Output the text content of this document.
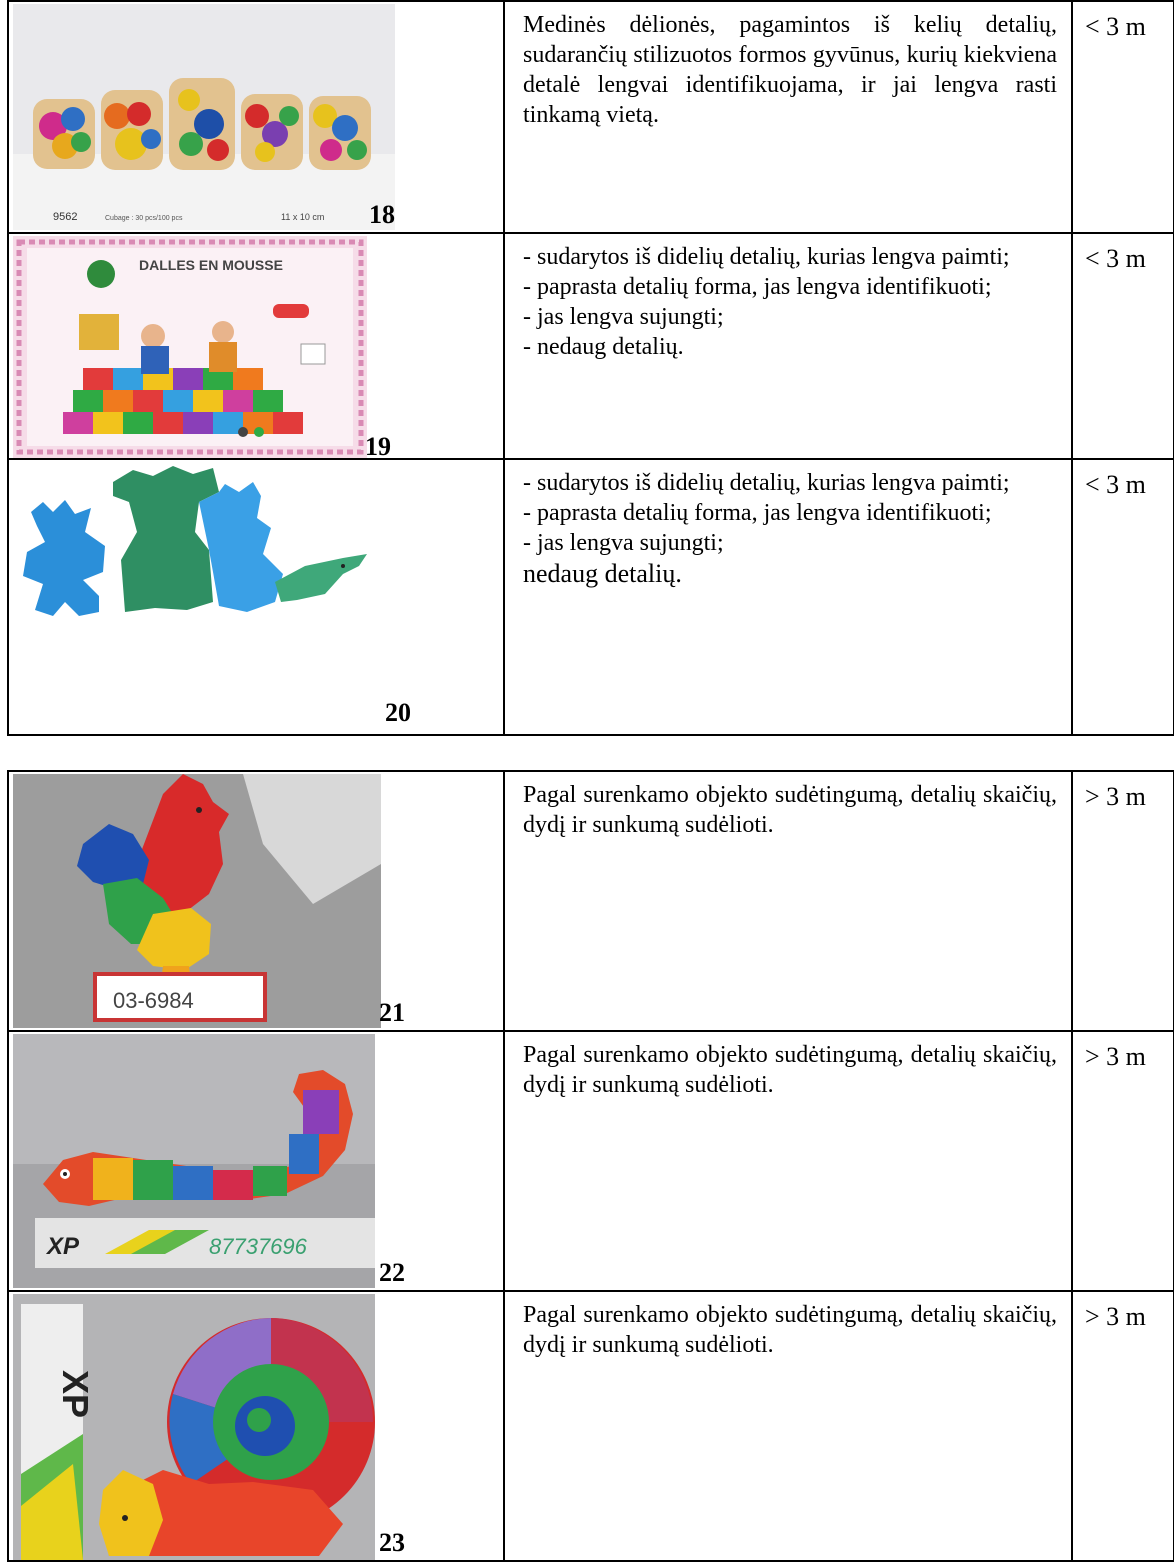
9562 Cubage : 30 pcs/100 pcs 11 x 10 cm 18	Medinės dėlionės, pagamintos iš kelių detalių, sudarančių stilizuotos formos gyvūnus, kurių kiekviena detalė lengvai identifikuojama, ir jai lengva rasti tinkamą vietą.	< 3 m

DALLES EN MOUSSE
19	- sudarytos iš didelių detalių, kurias lengva paimti;
- paprasta detalių forma, jas lengva identifikuoti;
- jas lengva sujungti;
- nedaug detalių.	< 3 m

20	- sudarytos iš didelių detalių, kurias lengva paimti;
- paprasta detalių forma, jas lengva identifikuoti;
- jas lengva sujungti;
nedaug detalių.	< 3 m
03-6984 21	Pagal surenkamo objekto sudėtingumą, detalių skaičių, dydį ir sunkumą sudėlioti.	> 3 m

XP 87737696
22	Pagal surenkamo objekto sudėtingumą, detalių skaičių, dydį ir sunkumą sudėlioti.	> 3 m

XP
23	Pagal surenkamo objekto sudėtingumą, detalių skaičių, dydį ir sunkumą sudėlioti.	> 3 m
